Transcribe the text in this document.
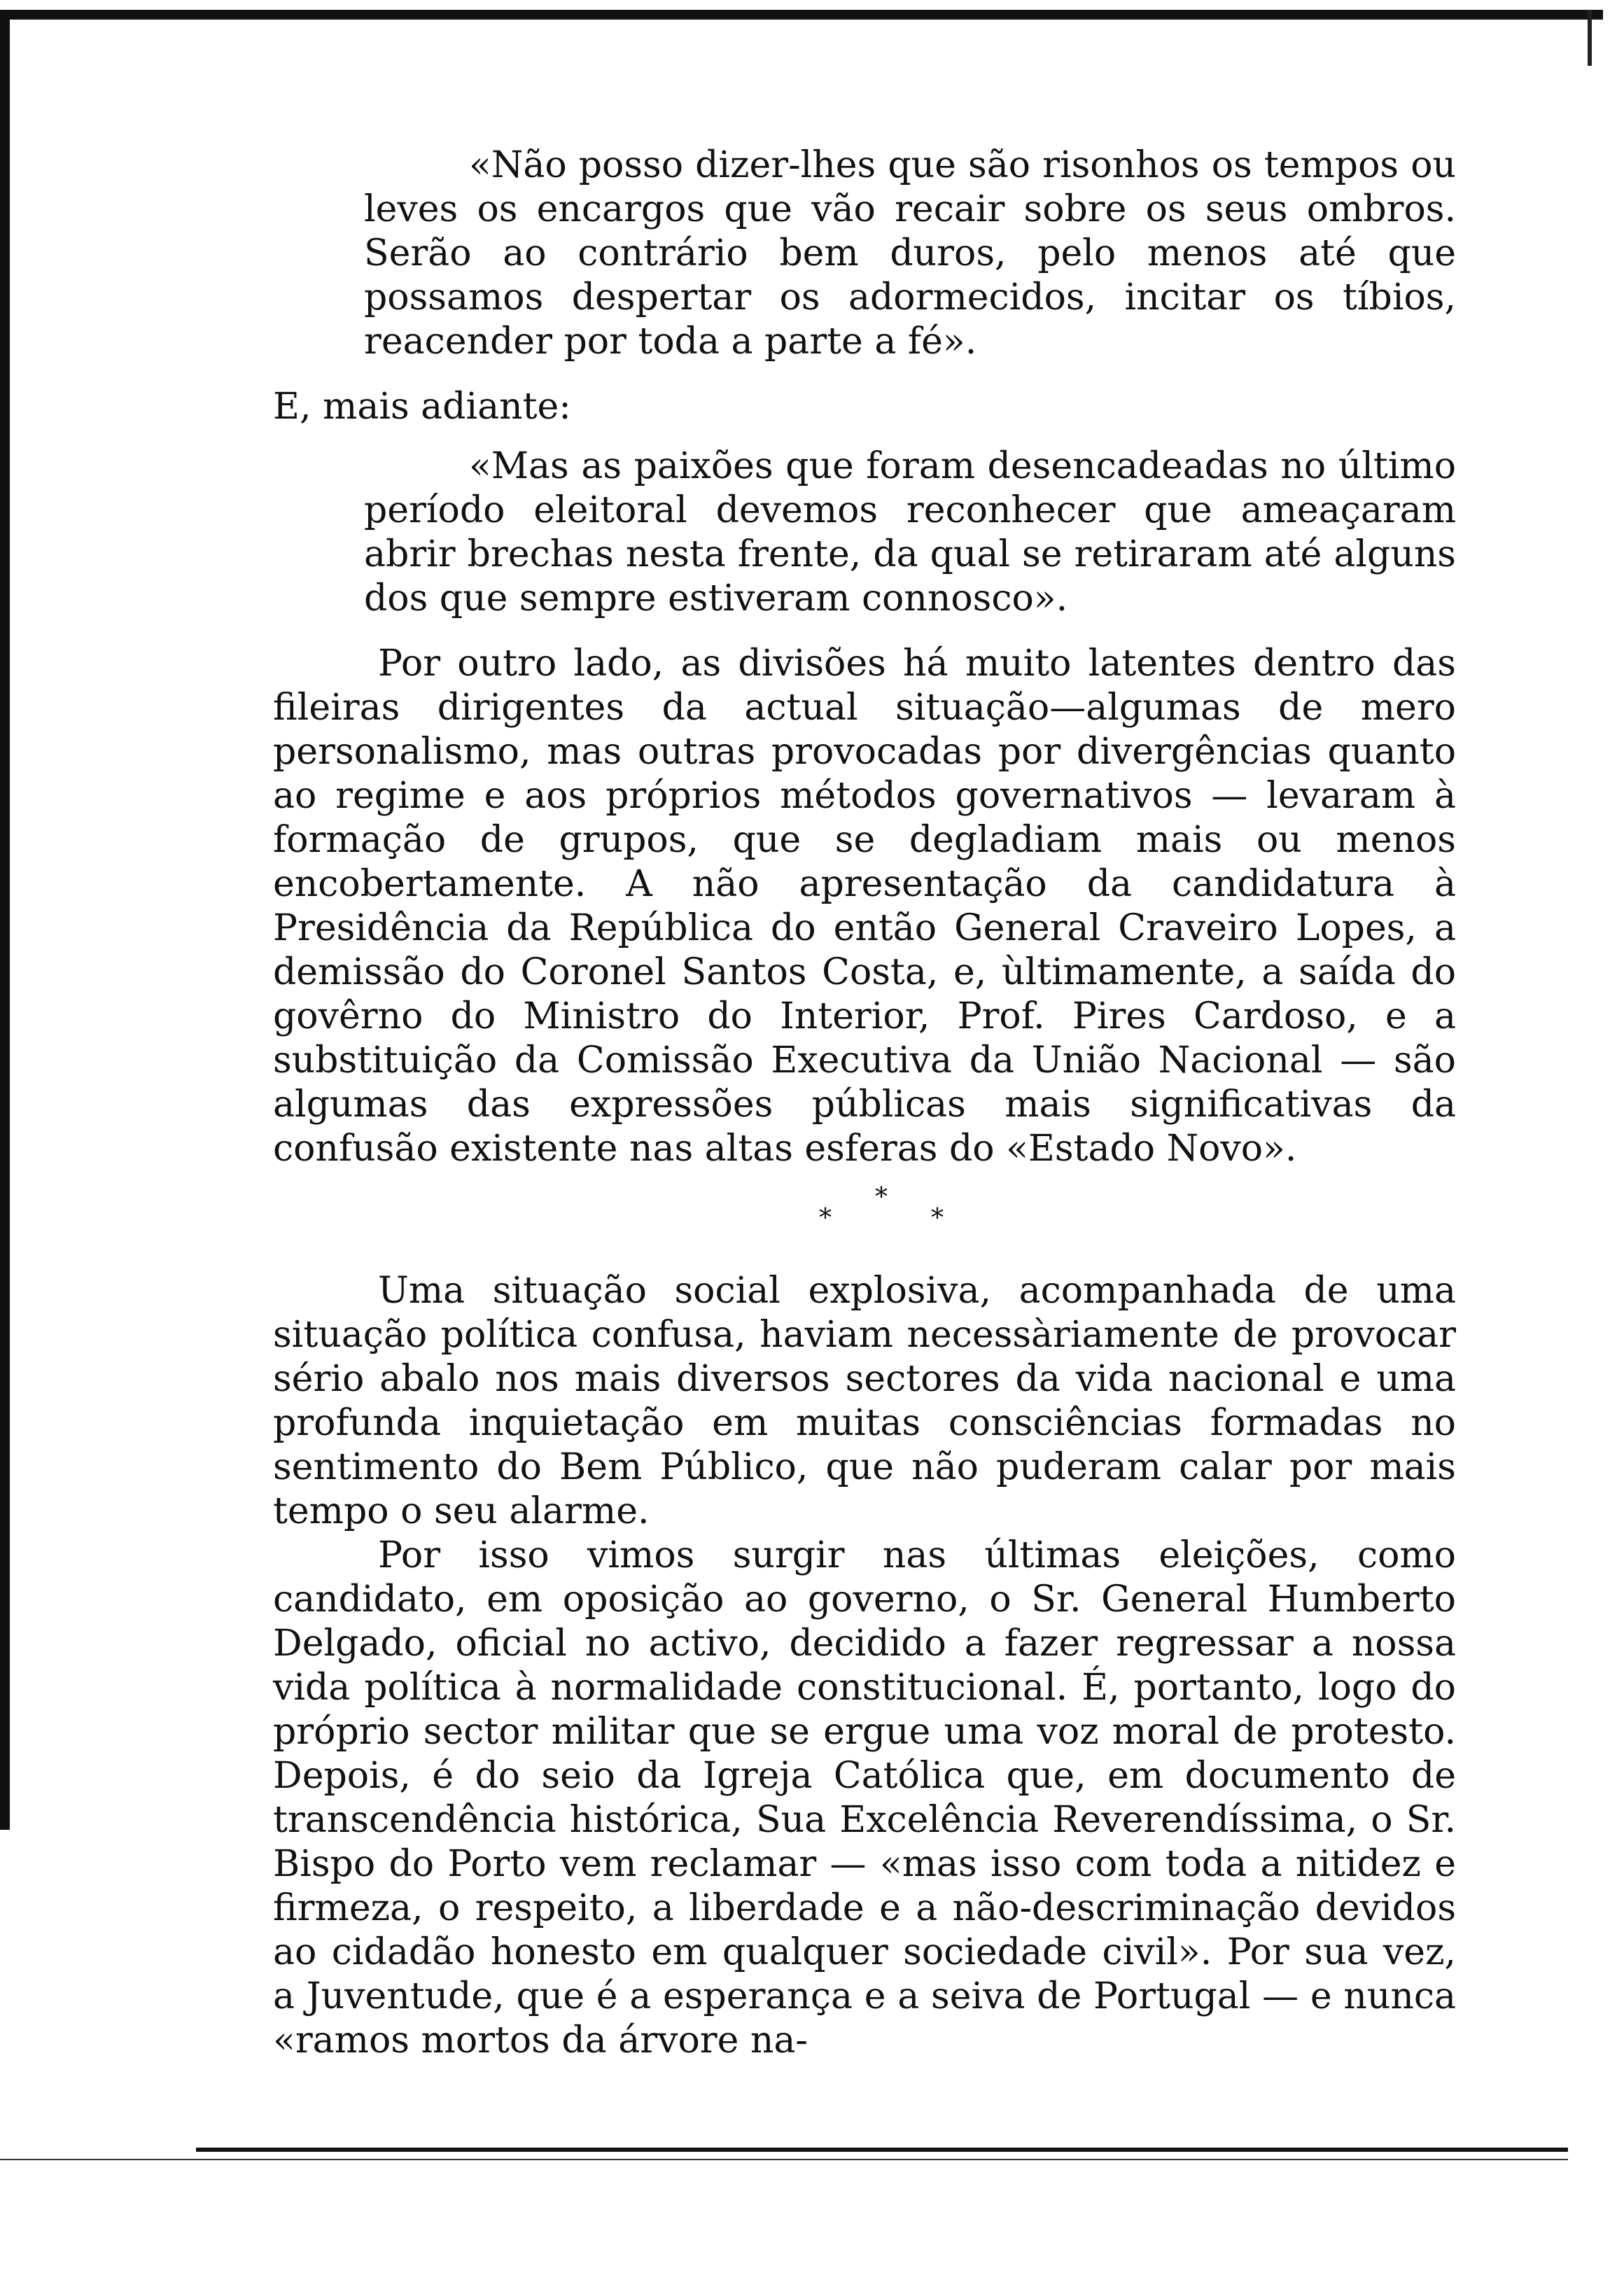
«Não posso dizer-lhes que são risonhos os tempos ou leves os encargos que vão recair sobre os seus ombros. Serão ao contrário bem duros, pelo menos até que possamos despertar os adormecidos, incitar os tíbios, reacender por toda a parte a fé».

E, mais adiante:

«Mas as paixões que foram desencadeadas no último período eleitoral devemos reconhecer que ameaçaram abrir brechas nesta frente, da qual se retiraram até alguns dos que sempre estiveram connosco».

Por outro lado, as divisões há muito latentes dentro das fileiras dirigentes da actual situação—algumas de mero personalismo, mas outras provocadas por divergências quanto ao regime e aos próprios métodos governativos — levaram à formação de grupos, que se degladiam mais ou menos encobertamente. A não apresentação da candidatura à Presidência da República do então General Craveiro Lopes, a demissão do Coronel Santos Costa, e, ùltimamente, a saída do govêrno do Ministro do Interior, Prof. Pires Cardoso, e a substituição da Comissão Executiva da União Nacional — são algumas das expressões públicas mais significativas da confusão existente nas altas esferas do «Estado Novo».

*
*	*

Uma situação social explosiva, acompanhada de uma situação política confusa, haviam necessàriamente de provocar sério abalo nos mais diversos sectores da vida nacional e uma profunda inquietação em muitas consciências formadas no sentimento do Bem Público, que não puderam calar por mais tempo o seu alarme.

Por isso vimos surgir nas últimas eleições, como candidato, em oposição ao governo, o Sr. General Humberto Delgado, oficial no activo, decidido a fazer regressar a nossa vida política à normalidade constitucional. É, portanto, logo do próprio sector militar que se ergue uma voz moral de protesto. Depois, é do seio da Igreja Católica que, em documento de transcendência histórica, Sua Excelência Reverendíssima, o Sr. Bispo do Porto vem reclamar — «mas isso com toda a nitidez e firmeza, o respeito, a liberdade e a não-descriminação devidos ao cidadão honesto em qualquer sociedade civil». Por sua vez, a Juventude, que é a esperança e a seiva de Portugal — e nunca «ramos mortos da árvore na-
